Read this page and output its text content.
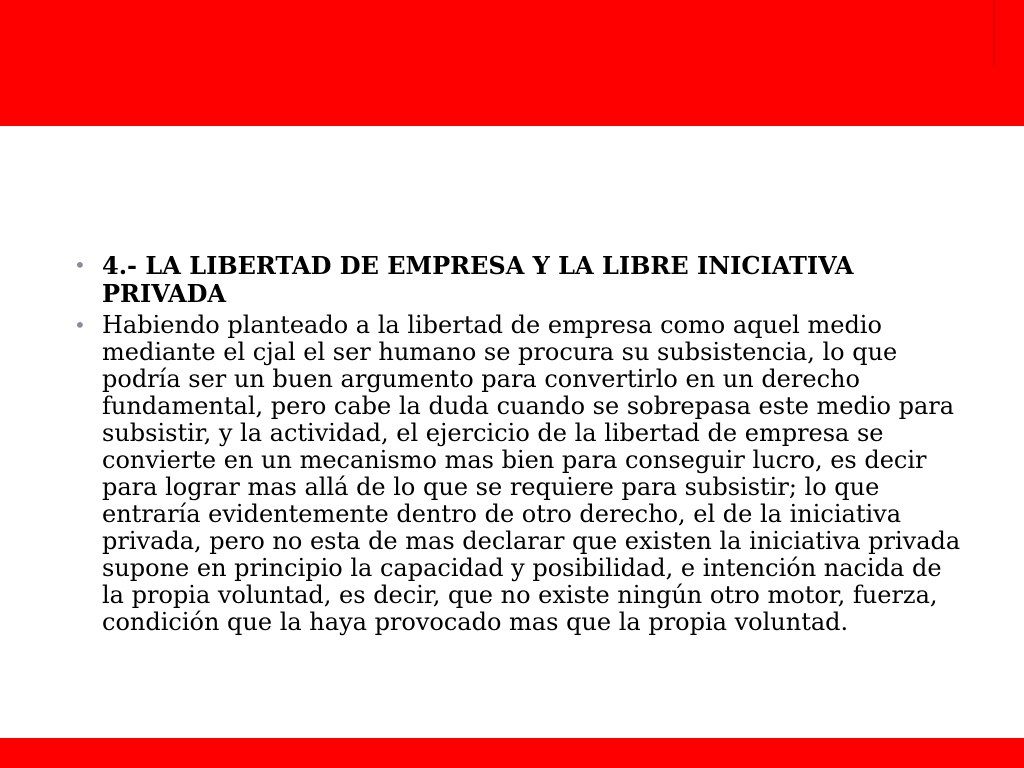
• 4.- LA LIBERTAD DE EMPRESA Y LA LIBRE INICIATIVA PRIVADA
• Habiendo planteado a la libertad de empresa como aquel medio mediante el cjal el ser humano se procura su subsistencia, lo que podría ser un buen argumento para convertirlo en un derecho fundamental, pero cabe la duda cuando se sobrepasa este medio para subsistir, y la actividad, el ejercicio de la libertad de empresa se convierte en un mecanismo mas bien para conseguir lucro, es decir para lograr mas allá de lo que se requiere para subsistir; lo que entraría evidentemente dentro de otro derecho, el de la iniciativa privada, pero no esta de mas declarar que existen la iniciativa privada supone en principio la capacidad y posibilidad, e intención nacida de la propia voluntad, es decir, que no existe ningún otro motor, fuerza, condición que la haya provocado mas que la propia voluntad.
